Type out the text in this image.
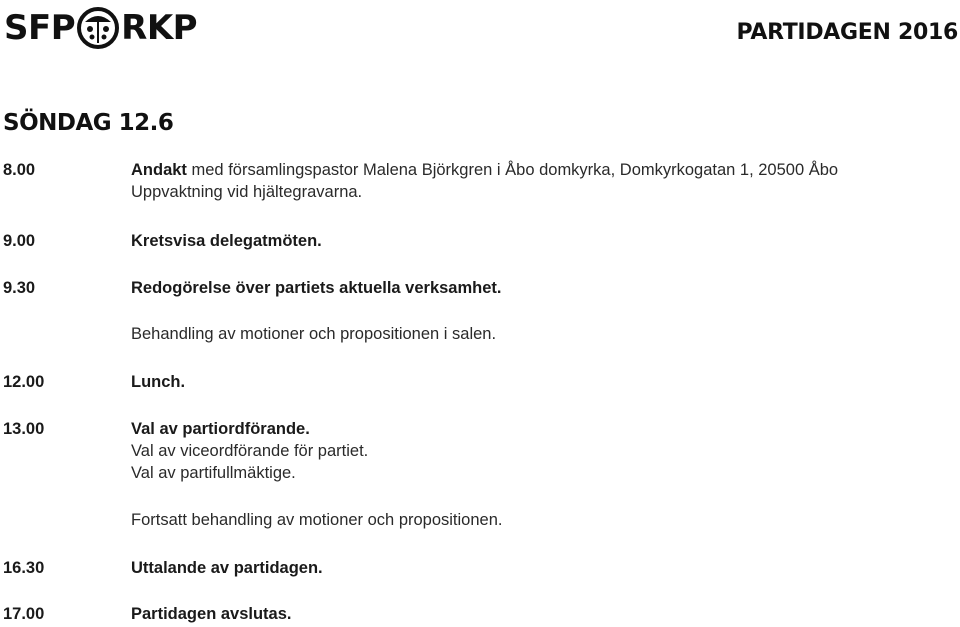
SFP RKP	PARTIDAGEN 2016
SÖNDAG 12.6
8.00	Andakt med församlingspastor Malena Björkgren i Åbo domkyrka, Domkyrkogatan 1, 20500 Åbo
Uppvaktning vid hjältegravarna.
9.00	Kretsvisa delegatmöten.
9.30	Redogörelse över partiets aktuella verksamhet.
Behandling av motioner och propositionen i salen.
12.00	Lunch.
13.00	Val av partiordförande.
Val av viceordförande för partiet.
Val av partifullmäktige.
Fortsatt behandling av motioner och propositionen.
16.30	Uttalande av partidagen.
17.00	Partidagen avslutas.
